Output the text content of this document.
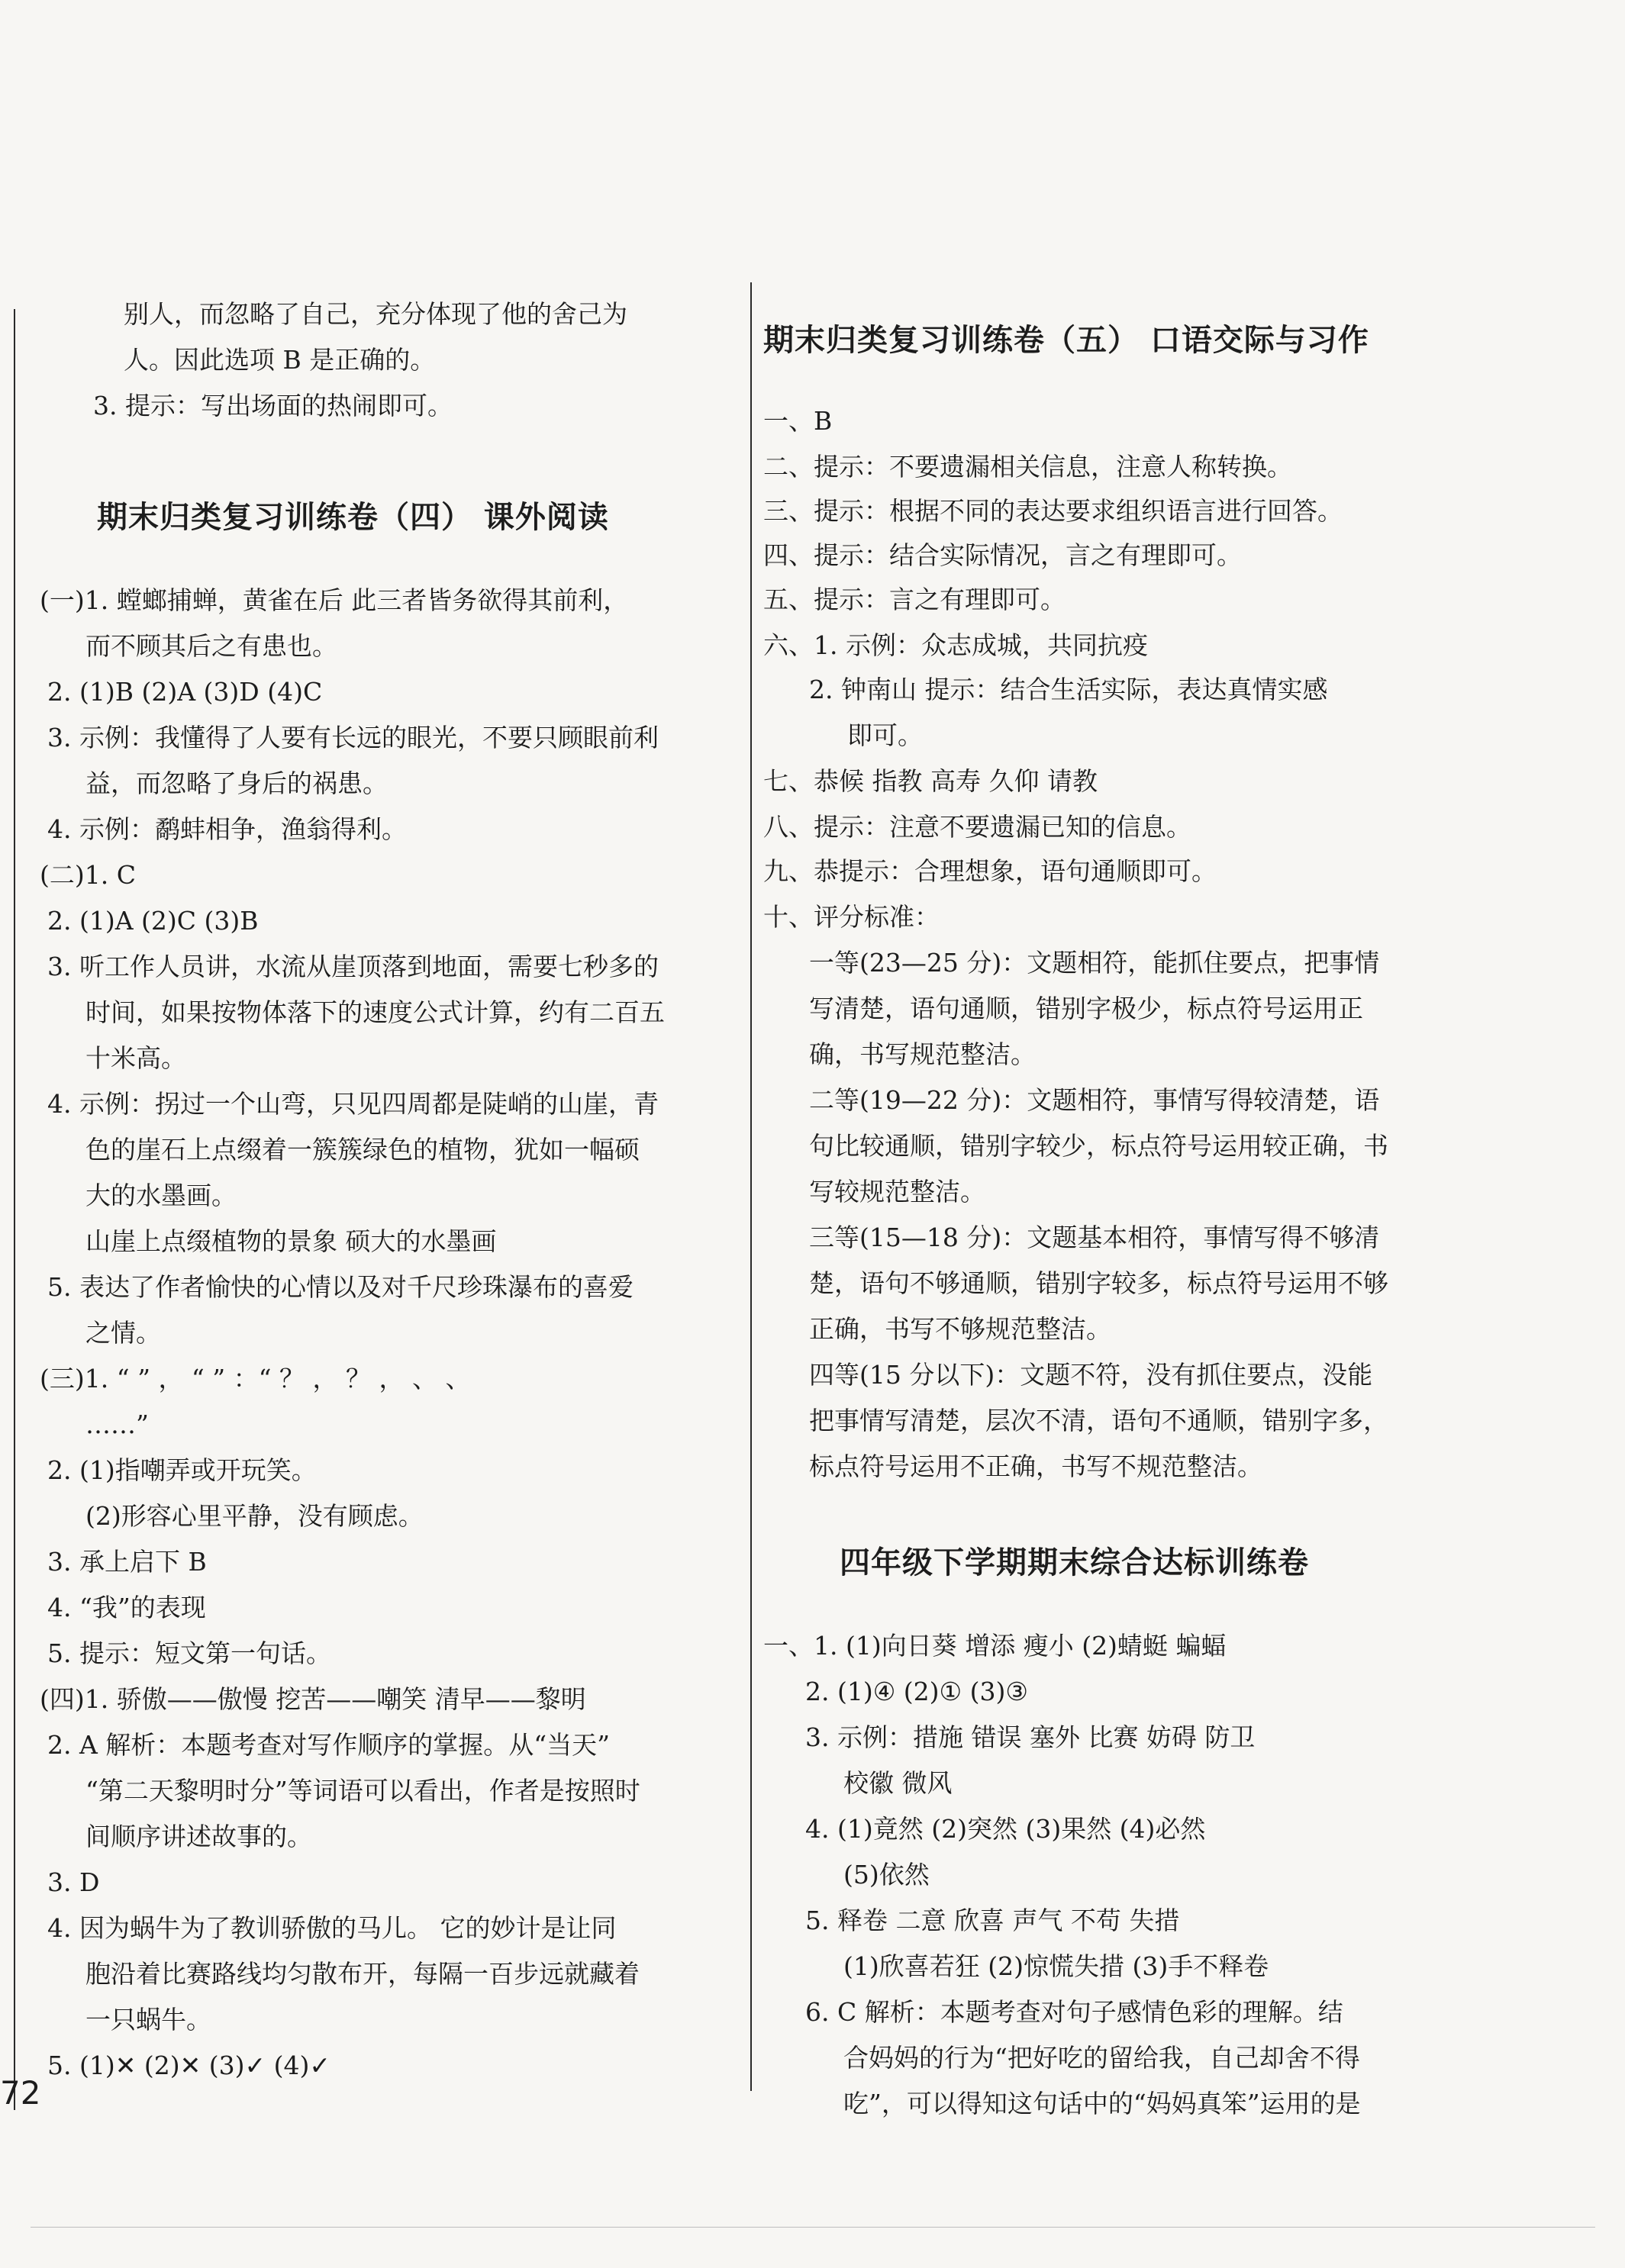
别人，而忽略了自己，充分体现了他的舍己为
人。因此选项 B 是正确的。
3. 提示：写出场面的热闹即可。
期末归类复习训练卷（四） 课外阅读
(一)1. 螳螂捕蝉，黄雀在后 此三者皆务欲得其前利，
而不顾其后之有患也。
2. (1)B (2)A (3)D (4)C
3. 示例：我懂得了人要有长远的眼光，不要只顾眼前利
益，而忽略了身后的祸患。
4. 示例：鹬蚌相争，渔翁得利。
(二)1. C
2. (1)A (2)C (3)B
3. 听工作人员讲，水流从崖顶落到地面，需要七秒多的
时间，如果按物体落下的速度公式计算，约有二百五
十米高。
4. 示例：拐过一个山弯，只见四周都是陡峭的山崖，青
色的崖石上点缀着一簇簇绿色的植物，犹如一幅硕
大的水墨画。
山崖上点缀植物的景象 硕大的水墨画
5. 表达了作者愉快的心情以及对千尺珍珠瀑布的喜爱
之情。
(三)1. “ ” ， “ ” ：“ ？ ， ？ ， 、 、
……”
2. (1)指嘲弄或开玩笑。
(2)形容心里平静，没有顾虑。
3. 承上启下 B
4. “我”的表现
5. 提示：短文第一句话。
(四)1. 骄傲——傲慢 挖苦——嘲笑 清早——黎明
2. A 解析：本题考查对写作顺序的掌握。从“当天”
“第二天黎明时分”等词语可以看出，作者是按照时
间顺序讲述故事的。
3. D
4. 因为蜗牛为了教训骄傲的马儿。 它的妙计是让同
胞沿着比赛路线均匀散布开，每隔一百步远就藏着
一只蜗牛。
5. (1)✕ (2)✕ (3)✓ (4)✓
期末归类复习训练卷（五） 口语交际与习作
一、B
二、提示：不要遗漏相关信息，注意人称转换。
三、提示：根据不同的表达要求组织语言进行回答。
四、提示：结合实际情况，言之有理即可。
五、提示：言之有理即可。
六、1. 示例：众志成城，共同抗疫
2. 钟南山 提示：结合生活实际，表达真情实感
即可。
七、恭候 指教 高寿 久仰 请教
八、提示：注意不要遗漏已知的信息。
九、恭提示：合理想象，语句通顺即可。
十、评分标准：
一等(23—25 分)：文题相符，能抓住要点，把事情
写清楚，语句通顺，错别字极少，标点符号运用正
确，书写规范整洁。
二等(19—22 分)：文题相符，事情写得较清楚，语
句比较通顺，错别字较少，标点符号运用较正确，书
写较规范整洁。
三等(15—18 分)：文题基本相符，事情写得不够清
楚，语句不够通顺，错别字较多，标点符号运用不够
正确，书写不够规范整洁。
四等(15 分以下)：文题不符，没有抓住要点，没能
把事情写清楚，层次不清，语句不通顺，错别字多，
标点符号运用不正确，书写不规范整洁。
四年级下学期期末综合达标训练卷
一、1. (1)向日葵 增添 瘦小 (2)蜻蜓 蝙蝠
2. (1)④ (2)① (3)③
3. 示例：措施 错误 塞外 比赛 妨碍 防卫
校徽 微风
4. (1)竟然 (2)突然 (3)果然 (4)必然
(5)依然
5. 释卷 二意 欣喜 声气 不苟 失措
(1)欣喜若狂 (2)惊慌失措 (3)手不释卷
6. C 解析：本题考查对句子感情色彩的理解。结
合妈妈的行为“把好吃的留给我，自己却舍不得
吃”，可以得知这句话中的“妈妈真笨”运用的是
72
